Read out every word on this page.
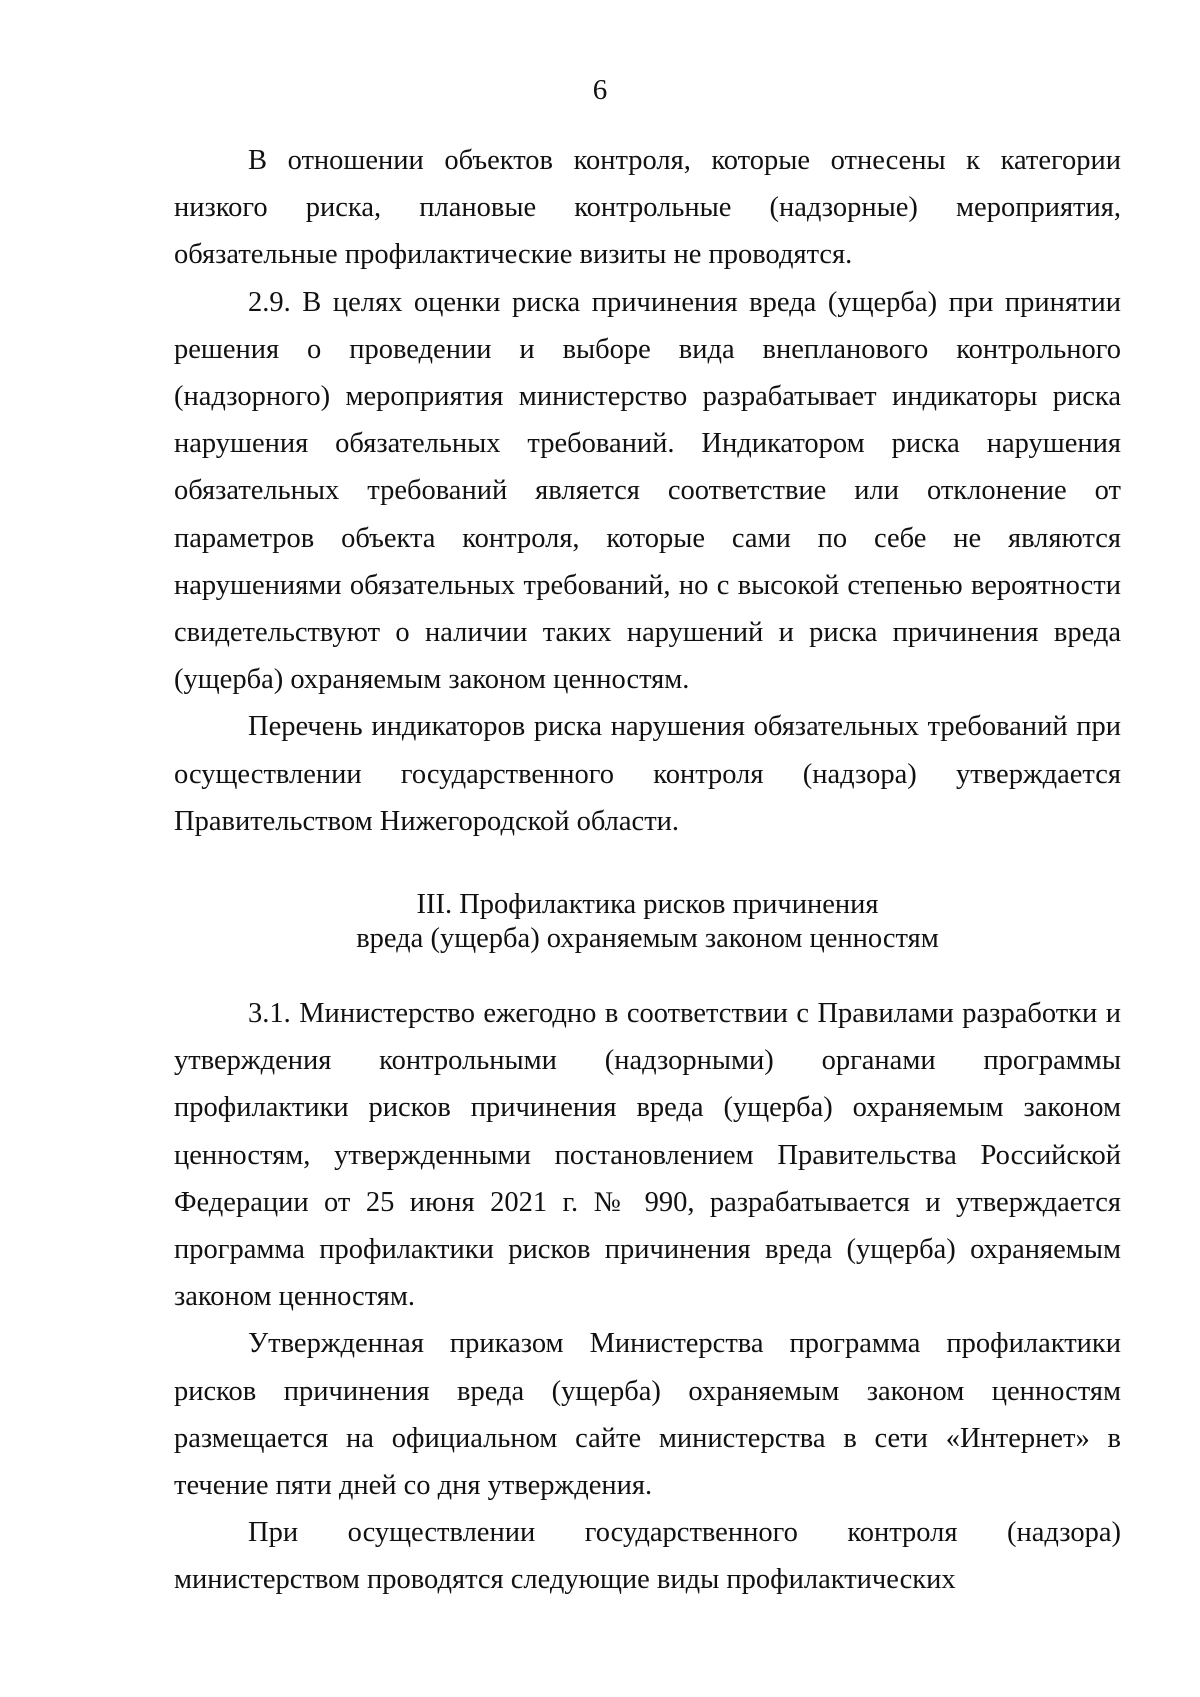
6

В отношении объектов контроля, которые отнесены к категории низкого риска, плановые контрольные (надзорные) мероприятия, обязательные профилактические визиты не проводятся.

2.9. В целях оценки риска причинения вреда (ущерба) при принятии решения о проведении и выборе вида внепланового контрольного (надзорного) мероприятия министерство разрабатывает индикаторы риска нарушения обязательных требований. Индикатором риска нарушения обязательных требований является соответствие или отклонение от параметров объекта контроля, которые сами по себе не являются нарушениями обязательных требований, но с высокой степенью вероятности свидетельствуют о наличии таких нарушений и риска причинения вреда (ущерба) охраняемым законом ценностям.

Перечень индикаторов риска нарушения обязательных требований при осуществлении государственного контроля (надзора) утверждается Правительством Нижегородской области.

III. Профилактика рисков причинения
вреда (ущерба) охраняемым законом ценностям

3.1. Министерство ежегодно в соответствии с Правилами разработки и утверждения контрольными (надзорными) органами программы профилактики рисков причинения вреда (ущерба) охраняемым законом ценностям, утвержденными постановлением Правительства Российской Федерации от 25 июня 2021 г. № 990, разрабатывается и утверждается программа профилактики рисков причинения вреда (ущерба) охраняемым законом ценностям.

Утвержденная приказом Министерства программа профилактики рисков причинения вреда (ущерба) охраняемым законом ценностям размещается на официальном сайте министерства в сети «Интернет» в течение пяти дней со дня утверждения.

При осуществлении государственного контроля (надзора) министерством проводятся следующие виды профилактических
